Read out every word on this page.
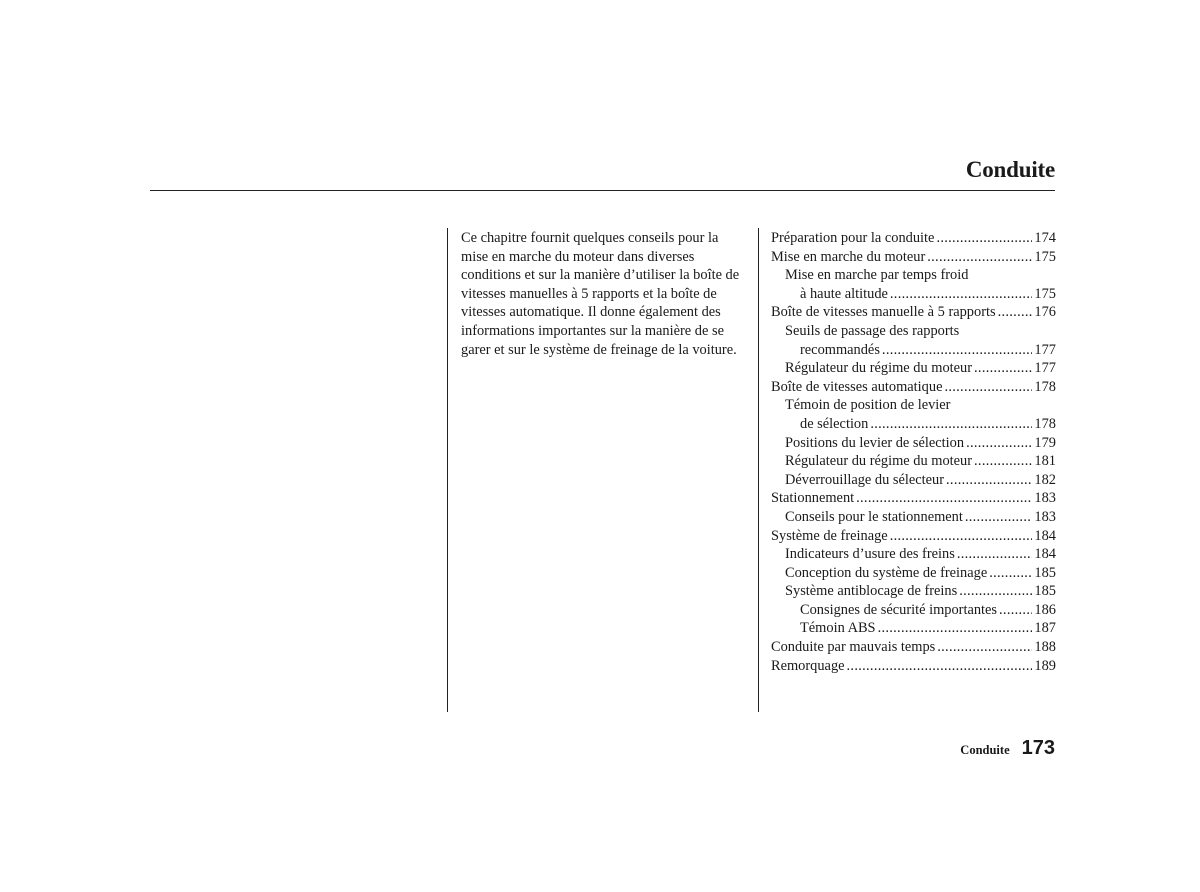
Conduite
Ce chapitre fournit quelques conseils pour la mise en marche du moteur dans diverses conditions et sur la manière d’utiliser la boîte de vitesses manuelles à 5 rapports et la boîte de vitesses automatique. Il donne également des informations importantes sur la manière de se garer et sur le système de freinage de la voiture.
Préparation pour la conduite .....	174
Mise en marche du moteur .....	175
Mise en marche par temps froid
à haute altitude .....	175
Boîte de vitesses manuelle à 5 rapports .....	176
Seuils de passage des rapports
recommandés .....	177
Régulateur du régime du moteur .....	177
Boîte de vitesses automatique .....	178
Témoin de position de levier
de sélection .....	178
Positions du levier de sélection .....	179
Régulateur du régime du moteur .....	181
Déverrouillage du sélecteur .....	182
Stationnement .....	183
Conseils pour le stationnement .....	183
Système de freinage .....	184
Indicateurs d’usure des freins .....	184
Conception du système de freinage .....	185
Système antiblocage de freins .....	185
Consignes de sécurité importantes .....	186
Témoin ABS .....	187
Conduite par mauvais temps .....	188
Remorquage .....	189
Conduite 173
